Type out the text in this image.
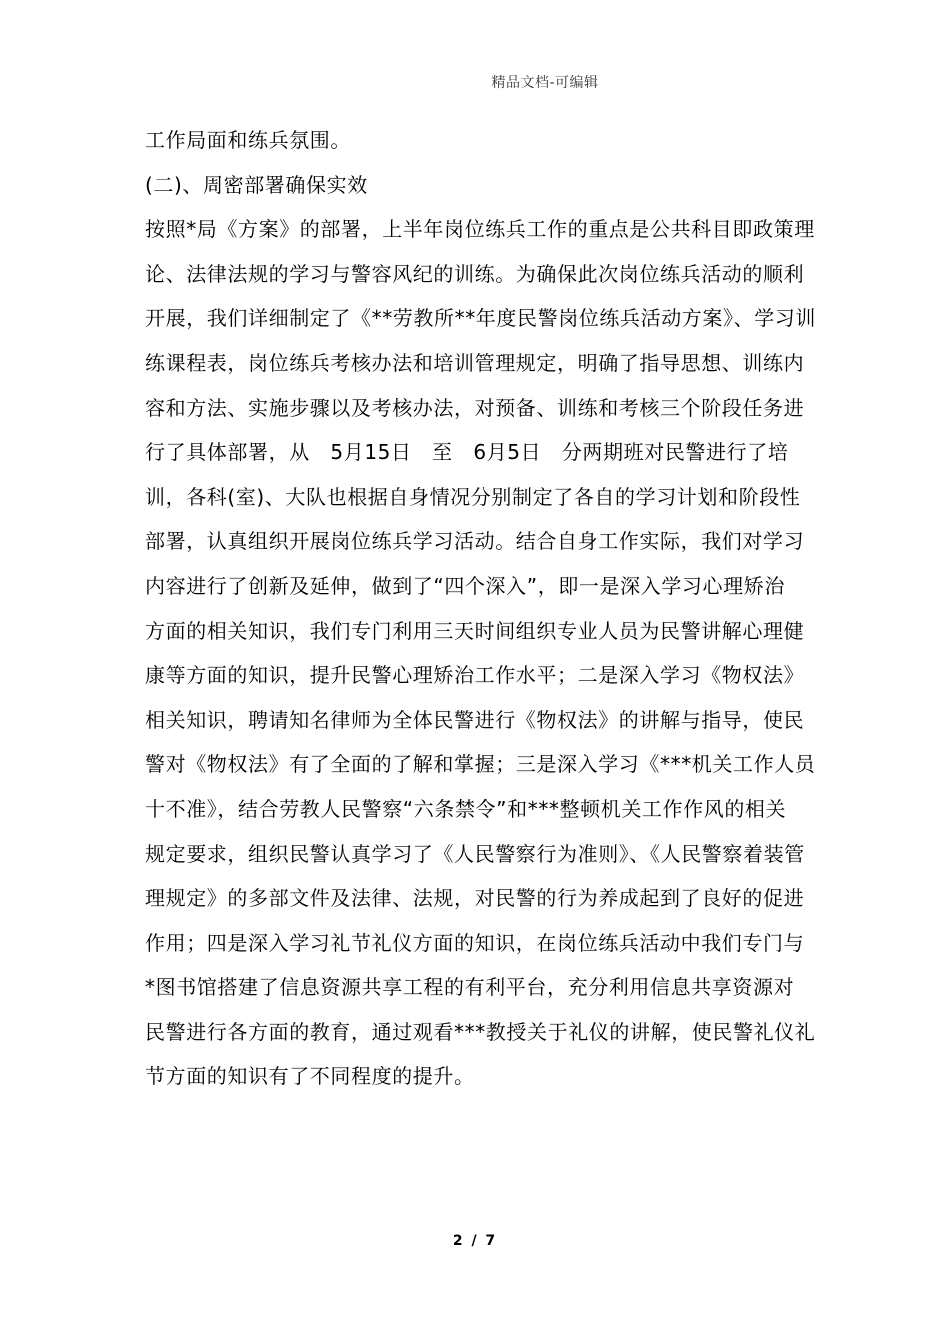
精品文档-可编辑

工作局面和练兵氛围。

(二)、周密部署确保实效

按照*局《方案》的部署，上半年岗位练兵工作的重点是公共科目即政策理

论、法律法规的学习与警容风纪的训练。为确保此次岗位练兵活动的顺利

开展，我们详细制定了《**劳教所**年度民警岗位练兵活动方案》、学习训

练课程表，岗位练兵考核办法和培训管理规定，明确了指导思想、训练内

容和方法、实施步骤以及考核办法，对预备、训练和考核三个阶段任务进

行了具体部署，从　5月15日　至　6月5日　分两期班对民警进行了培

训，各科(室)、大队也根据自身情况分别制定了各自的学习计划和阶段性

部署，认真组织开展岗位练兵学习活动。结合自身工作实际，我们对学习

内容进行了创新及延伸，做到了“四个深入”，即一是深入学习心理矫治

方面的相关知识，我们专门利用三天时间组织专业人员为民警讲解心理健

康等方面的知识，提升民警心理矫治工作水平；二是深入学习《物权法》

相关知识，聘请知名律师为全体民警进行《物权法》的讲解与指导，使民

警对《物权法》有了全面的了解和掌握；三是深入学习《***机关工作人员

十不准》，结合劳教人民警察“六条禁令”和***整顿机关工作作风的相关

规定要求，组织民警认真学习了《人民警察行为准则》、《人民警察着装管

理规定》的多部文件及法律、法规，对民警的行为养成起到了良好的促进

作用；四是深入学习礼节礼仪方面的知识，在岗位练兵活动中我们专门与

*图书馆搭建了信息资源共享工程的有利平台，充分利用信息共享资源对

民警进行各方面的教育，通过观看***教授关于礼仪的讲解，使民警礼仪礼

节方面的知识有了不同程度的提升。

2 / 7
